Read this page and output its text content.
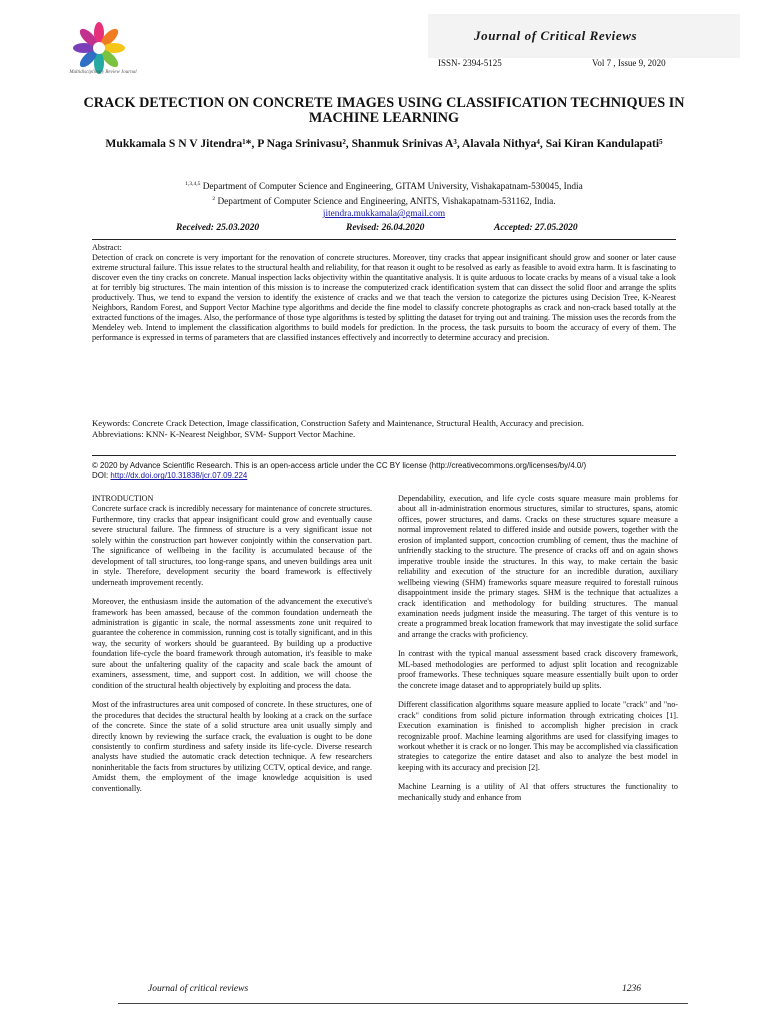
Multidisciplinary Review Journal
Journal of Critical Reviews
ISSN- 2394-5125	Vol 7 , Issue 9, 2020
CRACK DETECTION ON CONCRETE IMAGES USING CLASSIFICATION TECHNIQUES IN MACHINE LEARNING
Mukkamala S N V Jitendra¹*, P Naga Srinivasu², Shanmuk Srinivas A³, Alavala Nithya⁴, Sai Kiran Kandulapati⁵
$^{1,3,4,5}$ Department of Computer Science and Engineering, GITAM University, Vishakapatnam-530045, India
$^2$ Department of Computer Science and Engineering, ANITS, Vishakapatnam-531162, India.
jitendra.mukkamala@gmail.com
Received: 25.03.2020	Revised: 26.04.2020	Accepted: 27.05.2020
Abstract:
Detection of crack on concrete is very important for the renovation of concrete structures. Moreover, tiny cracks that appear insignificant should grow and sooner or later cause extreme structural failure. This issue relates to the structural health and reliability, for that reason it ought to be resolved as early as feasible to avoid extra harm. It is fascinating to discover even the tiny cracks on concrete. Manual inspection lacks objectivity within the quantitative analysis. It is quite arduous to locate cracks by means of a visual take a look at for terribly big structures. The main intention of this mission is to increase the computerized crack identification system that can dissect the solid floor and arrange the splits productively. Thus, we tend to expand the version to identify the existence of cracks and we that teach the version to categorize the pictures using Decision Tree, K-Nearest Neighbors, Random Forest, and Support Vector Machine type algorithms and decide the fine model to classify concrete photographs as crack and non-crack based totally at the extracted functions of the images. Also, the performance of those type algorithms is tested by splitting the dataset for trying out and training. The mission uses the records from the Mendeley web. Intend to implement the classification algorithms to build models for prediction. In the process, the task pursuits to boom the accuracy of every of them. The performance is expressed in terms of parameters that are classified instances effectively and incorrectly to determine accuracy and precision.
Keywords: Concrete Crack Detection, Image classification, Construction Safety and Maintenance, Structural Health, Accuracy and precision.
Abbreviations: KNN- K-Nearest Neighbor, SVM- Support Vector Machine.
© 2020 by Advance Scientific Research. This is an open-access article under the CC BY license (http://creativecommons.org/licenses/by/4.0/)
DOI: http://dx.doi.org/10.31838/jcr.07.09.224
INTRODUCTION

Concrete surface crack is incredibly necessary for maintenance of concrete structures. Furthermore, tiny cracks that appear insignificant could grow and eventually cause severe structural failure. The firmness of structure is a very significant issue not solely within the construction part however conjointly within the conservation part. The significance of wellbeing in the facility is accumulated because of the development of tall structures, too long-range spans, and uneven buildings area unit in style. Therefore, development security the board framework is effectively underneath improvement recently.

Moreover, the enthusiasm inside the automation of the advancement the executive's framework has been amassed, because of the common foundation underneath the administration is gigantic in scale, the normal assessments zone unit required to guarantee the coherence in commission, running cost is totally significant, and in this way, the security of workers should be guaranteed. By building up a productive foundation life-cycle the board framework through automation, it's feasible to make sure about the unfaltering quality of the capacity and scale back the amount of examiners, assessment, time, and support cost. In addition, we will choose the condition of the structural health objectively by exploiting and process the data.

Most of the infrastructures area unit composed of concrete. In these structures, one of the procedures that decides the structural health by looking at a crack on the surface of the concrete. Since the state of a solid structure area unit usually simply and directly known by reviewing the surface crack, the evaluation is ought to be done consistently to confirm sturdiness and safety inside its life-cycle. Diverse research analysts have studied the automatic crack detection technique. A few researchers noninheritable the facts from structures by utilizing CCTV, optical device, and range. Amidst them, the employment of the image knowledge acquisition is used conventionally.

Dependability, execution, and life cycle costs square measure main problems for about all in-administration enormous structures, similar to structures, spans, atomic offices, power structures, and dams. Cracks on these structures square measure a normal improvement related to differed inside and outside powers, together with the erosion of implanted support, concoction crumbling of cement, thus the machine of unfriendly stacking to the structure. The presence of cracks off and on again shows imperative trouble inside the structures. In this way, to make certain the basic reliability and execution of the structure for an incredible duration, auxiliary wellbeing viewing (SHM) frameworks square measure required to forestall ruinous disappointment inside the primary stages. SHM is the technique that actualizes a crack identification and methodology for building structures. The manual examination needs judgment inside the measuring. The target of this venture is to create a programmed break location framework that may investigate the solid surface and arrange the cracks with proficiency.

In contrast with the typical manual assessment based crack discovery framework, ML-based methodologies are performed to adjust split location and recognizable proof frameworks. These techniques square measure essentially built upon to order the concrete image dataset and to appropriately build up splits.

Different classification algorithms square measure applied to locate "crack" and "no-crack" conditions from solid picture information through extricating choices [1]. Execution examination is finished to accomplish higher precision in crack recognizable proof. Machine learning algorithms are used for classifying images to workout whether it is crack or no longer. This may be accomplished via classification strategies to categorize the entire dataset and also to analyze the best model in keeping with its accuracy and precision [2].

Machine Learning is a utility of AI that offers structures the functionality to mechanically study and enhance from

Journal of critical reviews	1236
